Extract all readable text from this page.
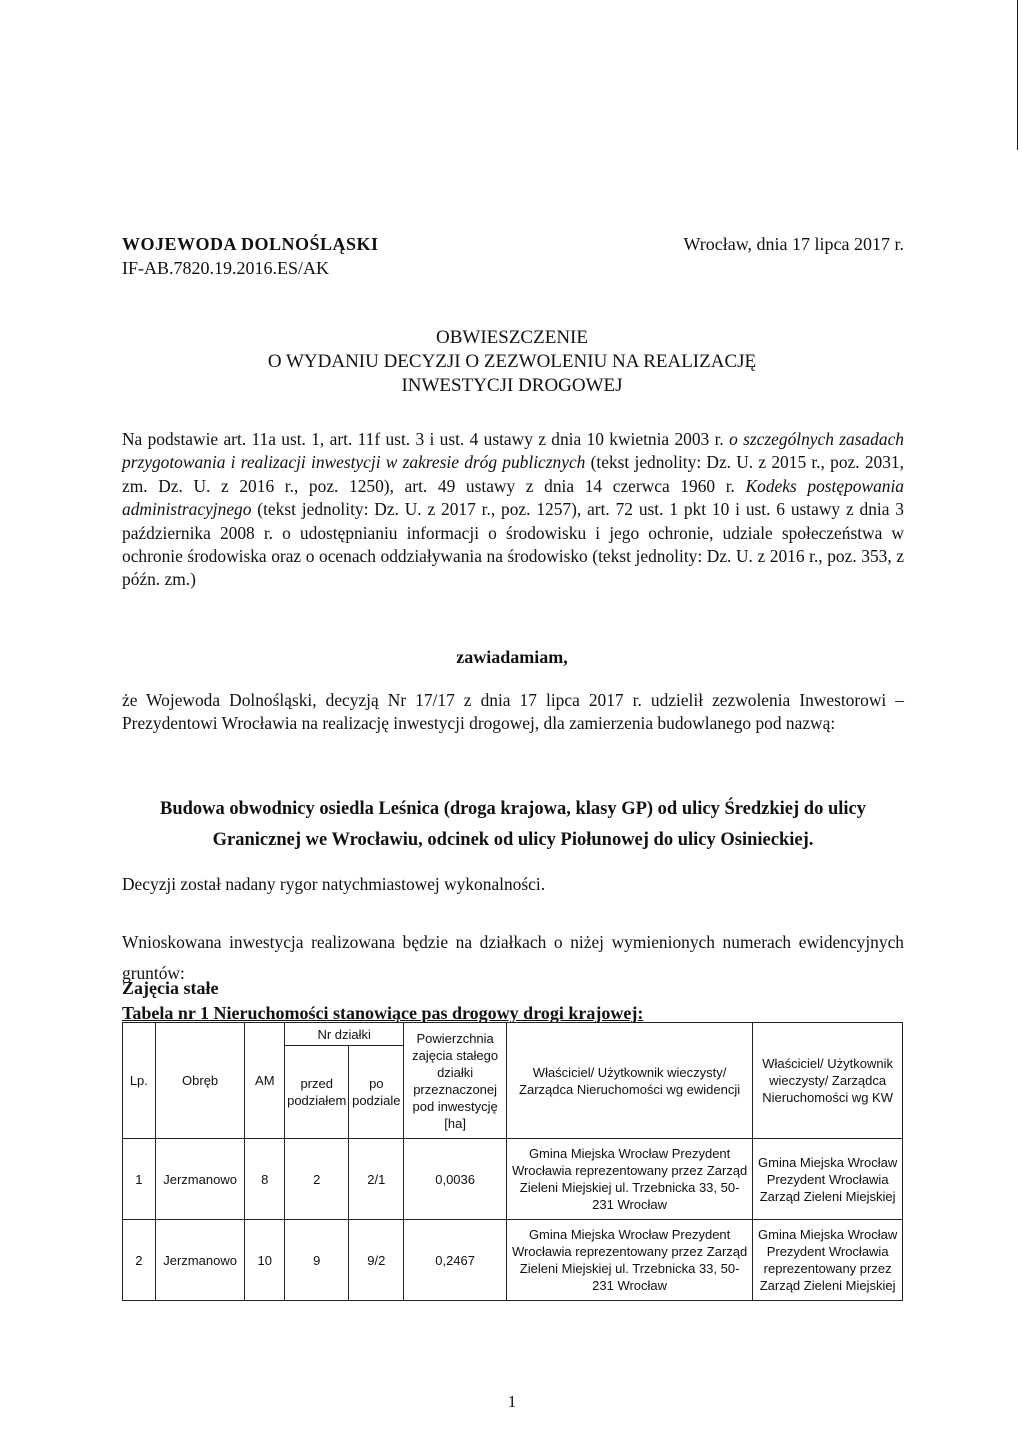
WOJEWODA DOLNOŚLĄSKI
IF-AB.7820.19.2016.ES/AK
Wrocław, dnia 17 lipca 2017 r.
OBWIESZCZENIE
O WYDANIU DECYZJI O ZEZWOLENIU NA REALIZACJĘ
INWESTYCJI DROGOWEJ

Na podstawie art. 11a ust. 1, art. 11f ust. 3 i ust. 4 ustawy z dnia 10 kwietnia 2003 r. o szczególnych zasadach przygotowania i realizacji inwestycji w zakresie dróg publicznych (tekst jednolity: Dz. U. z 2015 r., poz. 2031, zm. Dz. U. z 2016 r., poz. 1250), art. 49 ustawy z dnia 14 czerwca 1960 r. Kodeks postępowania administracyjnego (tekst jednolity: Dz. U. z 2017 r., poz. 1257), art. 72 ust. 1 pkt 10 i ust. 6 ustawy z dnia 3 października 2008 r. o udostępnianiu informacji o środowisku i jego ochronie, udziale społeczeństwa w ochronie środowiska oraz o ocenach oddziaływania na środowisko (tekst jednolity: Dz. U. z 2016 r., poz. 353, z późn. zm.)

zawiadamiam,

że Wojewoda Dolnośląski, decyzją Nr 17/17 z dnia 17 lipca 2017 r. udzielił zezwolenia Inwestorowi – Prezydentowi Wrocławia na realizację inwestycji drogowej, dla zamierzenia budowlanego pod nazwą:

Budowa obwodnicy osiedla Leśnica (droga krajowa, klasy GP) od ulicy Średzkiej do ulicy Granicznej we Wrocławiu, odcinek od ulicy Piołunowej do ulicy Osinieckiej.

Decyzji został nadany rygor natychmiastowej wykonalności.

Wnioskowana inwestycja realizowana będzie na działkach o niżej wymienionych numerach ewidencyjnych gruntów:

Zajęcia stałe
Tabela nr 1 Nieruchomości stanowiące pas drogowy drogi krajowej:
Lp.	Obręb	AM	Nr działki		Powierzchnia zajęcia stałego działki przeznaczonej pod inwestycję [ha]	Właściciel/ Użytkownik wieczysty/ Zarządca Nieruchomości wg ewidencji	Właściciel/ Użytkownik wieczysty/ Zarządca Nieruchomości wg KW
			przed podziałem	po podziale			
1	Jerzmanowo	8	2	2/1	0,0036	Gmina Miejska Wrocław Prezydent Wrocławia reprezentowany przez Zarząd Zieleni Miejskiej ul. Trzebnicka 33, 50-231 Wrocław	Gmina Miejska Wrocław Prezydent Wrocławia Zarząd Zieleni Miejskiej
2	Jerzmanowo	10	9	9/2	0,2467	Gmina Miejska Wrocław Prezydent Wrocławia reprezentowany przez Zarząd Zieleni Miejskiej ul. Trzebnicka 33, 50-231 Wrocław	Gmina Miejska Wrocław Prezydent Wrocławia reprezentowany przez Zarząd Zieleni Miejskiej
1
